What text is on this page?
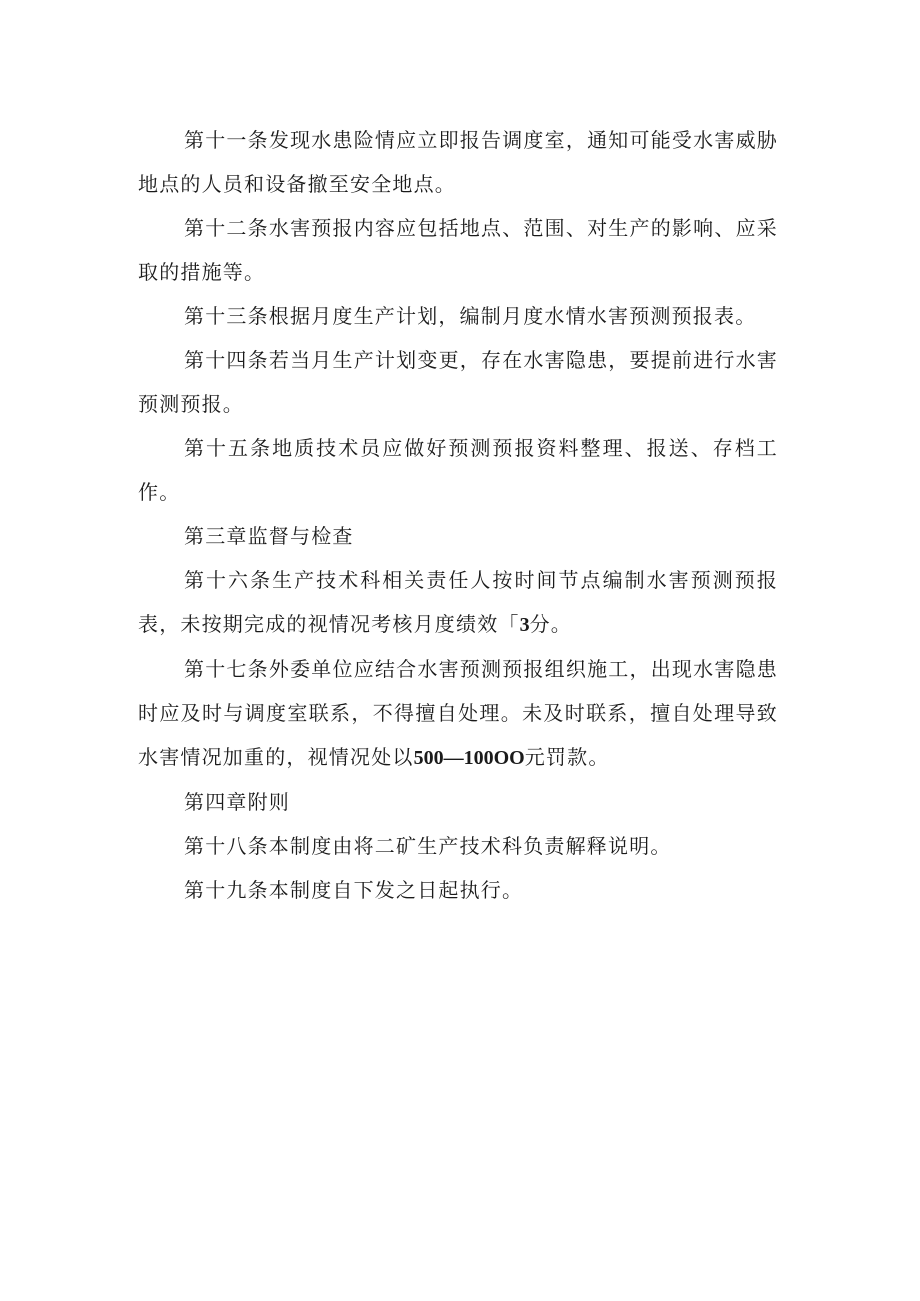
第十一条发现水患险情应立即报告调度室，通知可能受水害威胁地点的人员和设备撤至安全地点。

第十二条水害预报内容应包括地点、范围、对生产的影响、应采取的措施等。

第十三条根据月度生产计划，编制月度水情水害预测预报表。

第十四条若当月生产计划变更，存在水害隐患，要提前进行水害预测预报。

第十五条地质技术员应做好预测预报资料整理、报送、存档工作。

第三章监督与检查

第十六条生产技术科相关责任人按时间节点编制水害预测预报表，未按期完成的视情况考核月度绩效「3分。

第十七条外委单位应结合水害预测预报组织施工，出现水害隐患时应及时与调度室联系，不得擅自处理。未及时联系，擅自处理导致水害情况加重的，视情况处以500—100OO元罚款。

第四章附则

第十八条本制度由将二矿生产技术科负责解释说明。

第十九条本制度自下发之日起执行。
